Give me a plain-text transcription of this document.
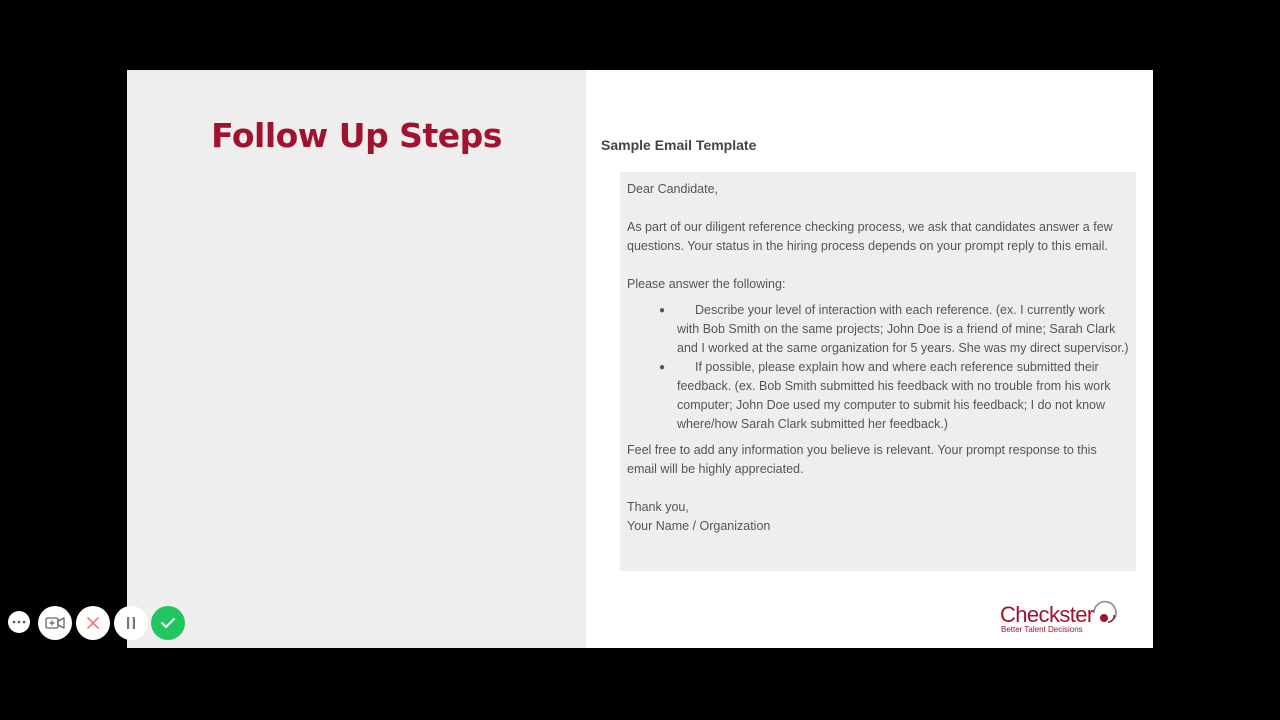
Follow Up Steps	Sample Email Template

Dear Candidate,

As part of our diligent reference checking process, we ask that candidates answer a few questions. Your status in the hiring process depends on your prompt reply to this email.

Please answer the following:

● Describe your level of interaction with each reference. (ex. I currently work with Bob Smith on the same projects; John Doe is a friend of mine; Sarah Clark and I worked at the same organization for 5 years. She was my direct supervisor.)
● If possible, please explain how and where each reference submitted their feedback. (ex. Bob Smith submitted his feedback with no trouble from his work computer; John Doe used my computer to submit his feedback; I do not know where/how Sarah Clark submitted her feedback.)

Feel free to add any information you believe is relevant. Your prompt response to this email will be highly appreciated.

Thank you,

Your Name / Organization

Checkster
Better Talent Decisions
